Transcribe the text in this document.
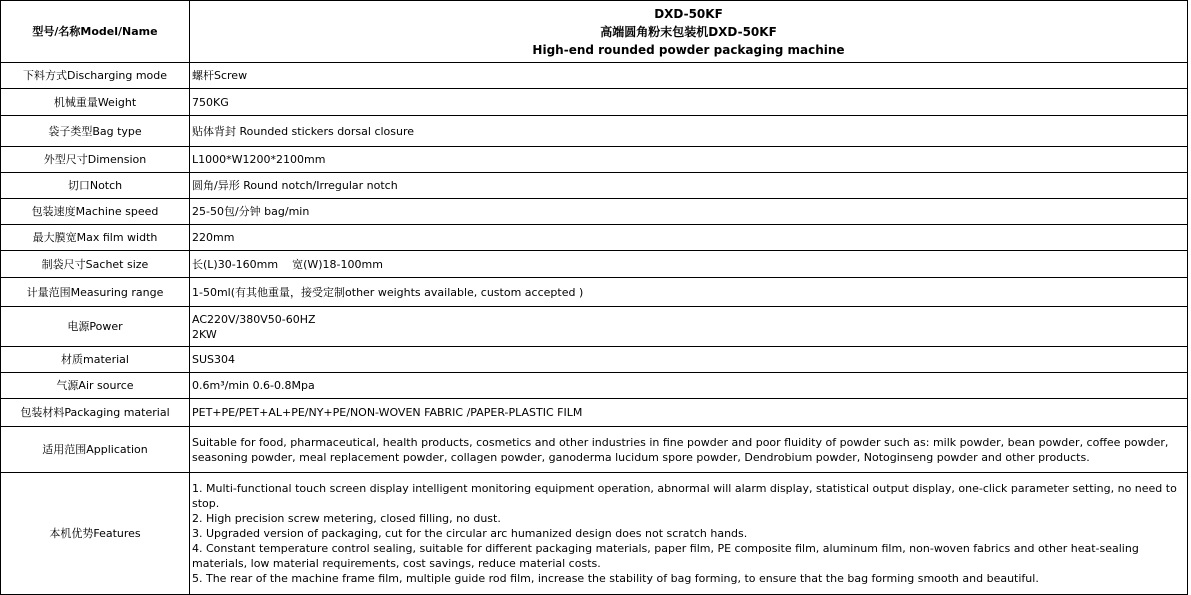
型号/名称Model/Name	DXD-50KF
高端圆角粉末包装机DXD-50KF
High-end rounded powder packaging machine

下料方式Discharging mode	螺杆Screw
机械重量Weight	750KG
袋子类型Bag type	贴体背封 Rounded stickers dorsal closure
外型尺寸Dimension	L1000*W1200*2100mm
切口Notch	圆角/异形 Round notch/Irregular notch
包装速度Machine speed	25-50包/分钟 bag/min
最大膜宽Max film width	220mm
制袋尺寸Sachet size	长(L)30-160mm    宽(W)18-100mm
计量范围Measuring range	1-50ml(有其他重量，接受定制other weights available, custom accepted )
电源Power	AC220V/380V50-60HZ
2KW

材质material	SUS304
气源Air source	0.6m³/min 0.6-0.8Mpa
包装材料Packaging material	PET+PE/PET+AL+PE/NY+PE/NON-WOVEN FABRIC /PAPER-PLASTIC FILM
适用范围Application	Suitable for food, pharmaceutical, health products, cosmetics and other industries in fine powder and poor fluidity of powder such as: milk powder, bean powder, coffee powder, seasoning powder, meal replacement powder, collagen powder, ganoderma lucidum spore powder, Dendrobium powder, Notoginseng powder and other products.
本机优势Features	1. Multi-functional touch screen display intelligent monitoring equipment operation, abnormal will alarm display, statistical output display, one-click parameter setting, no need to stop.
2. High precision screw metering, closed filling, no dust.
3. Upgraded version of packaging, cut for the circular arc humanized design does not scratch hands.
4. Constant temperature control sealing, suitable for different packaging materials, paper film, PE composite film, aluminum film, non-woven fabrics and other heat-sealing materials, low material requirements, cost savings, reduce material costs.
5. The rear of the machine frame film, multiple guide rod film, increase the stability of bag forming, to ensure that the bag forming smooth and beautiful.
